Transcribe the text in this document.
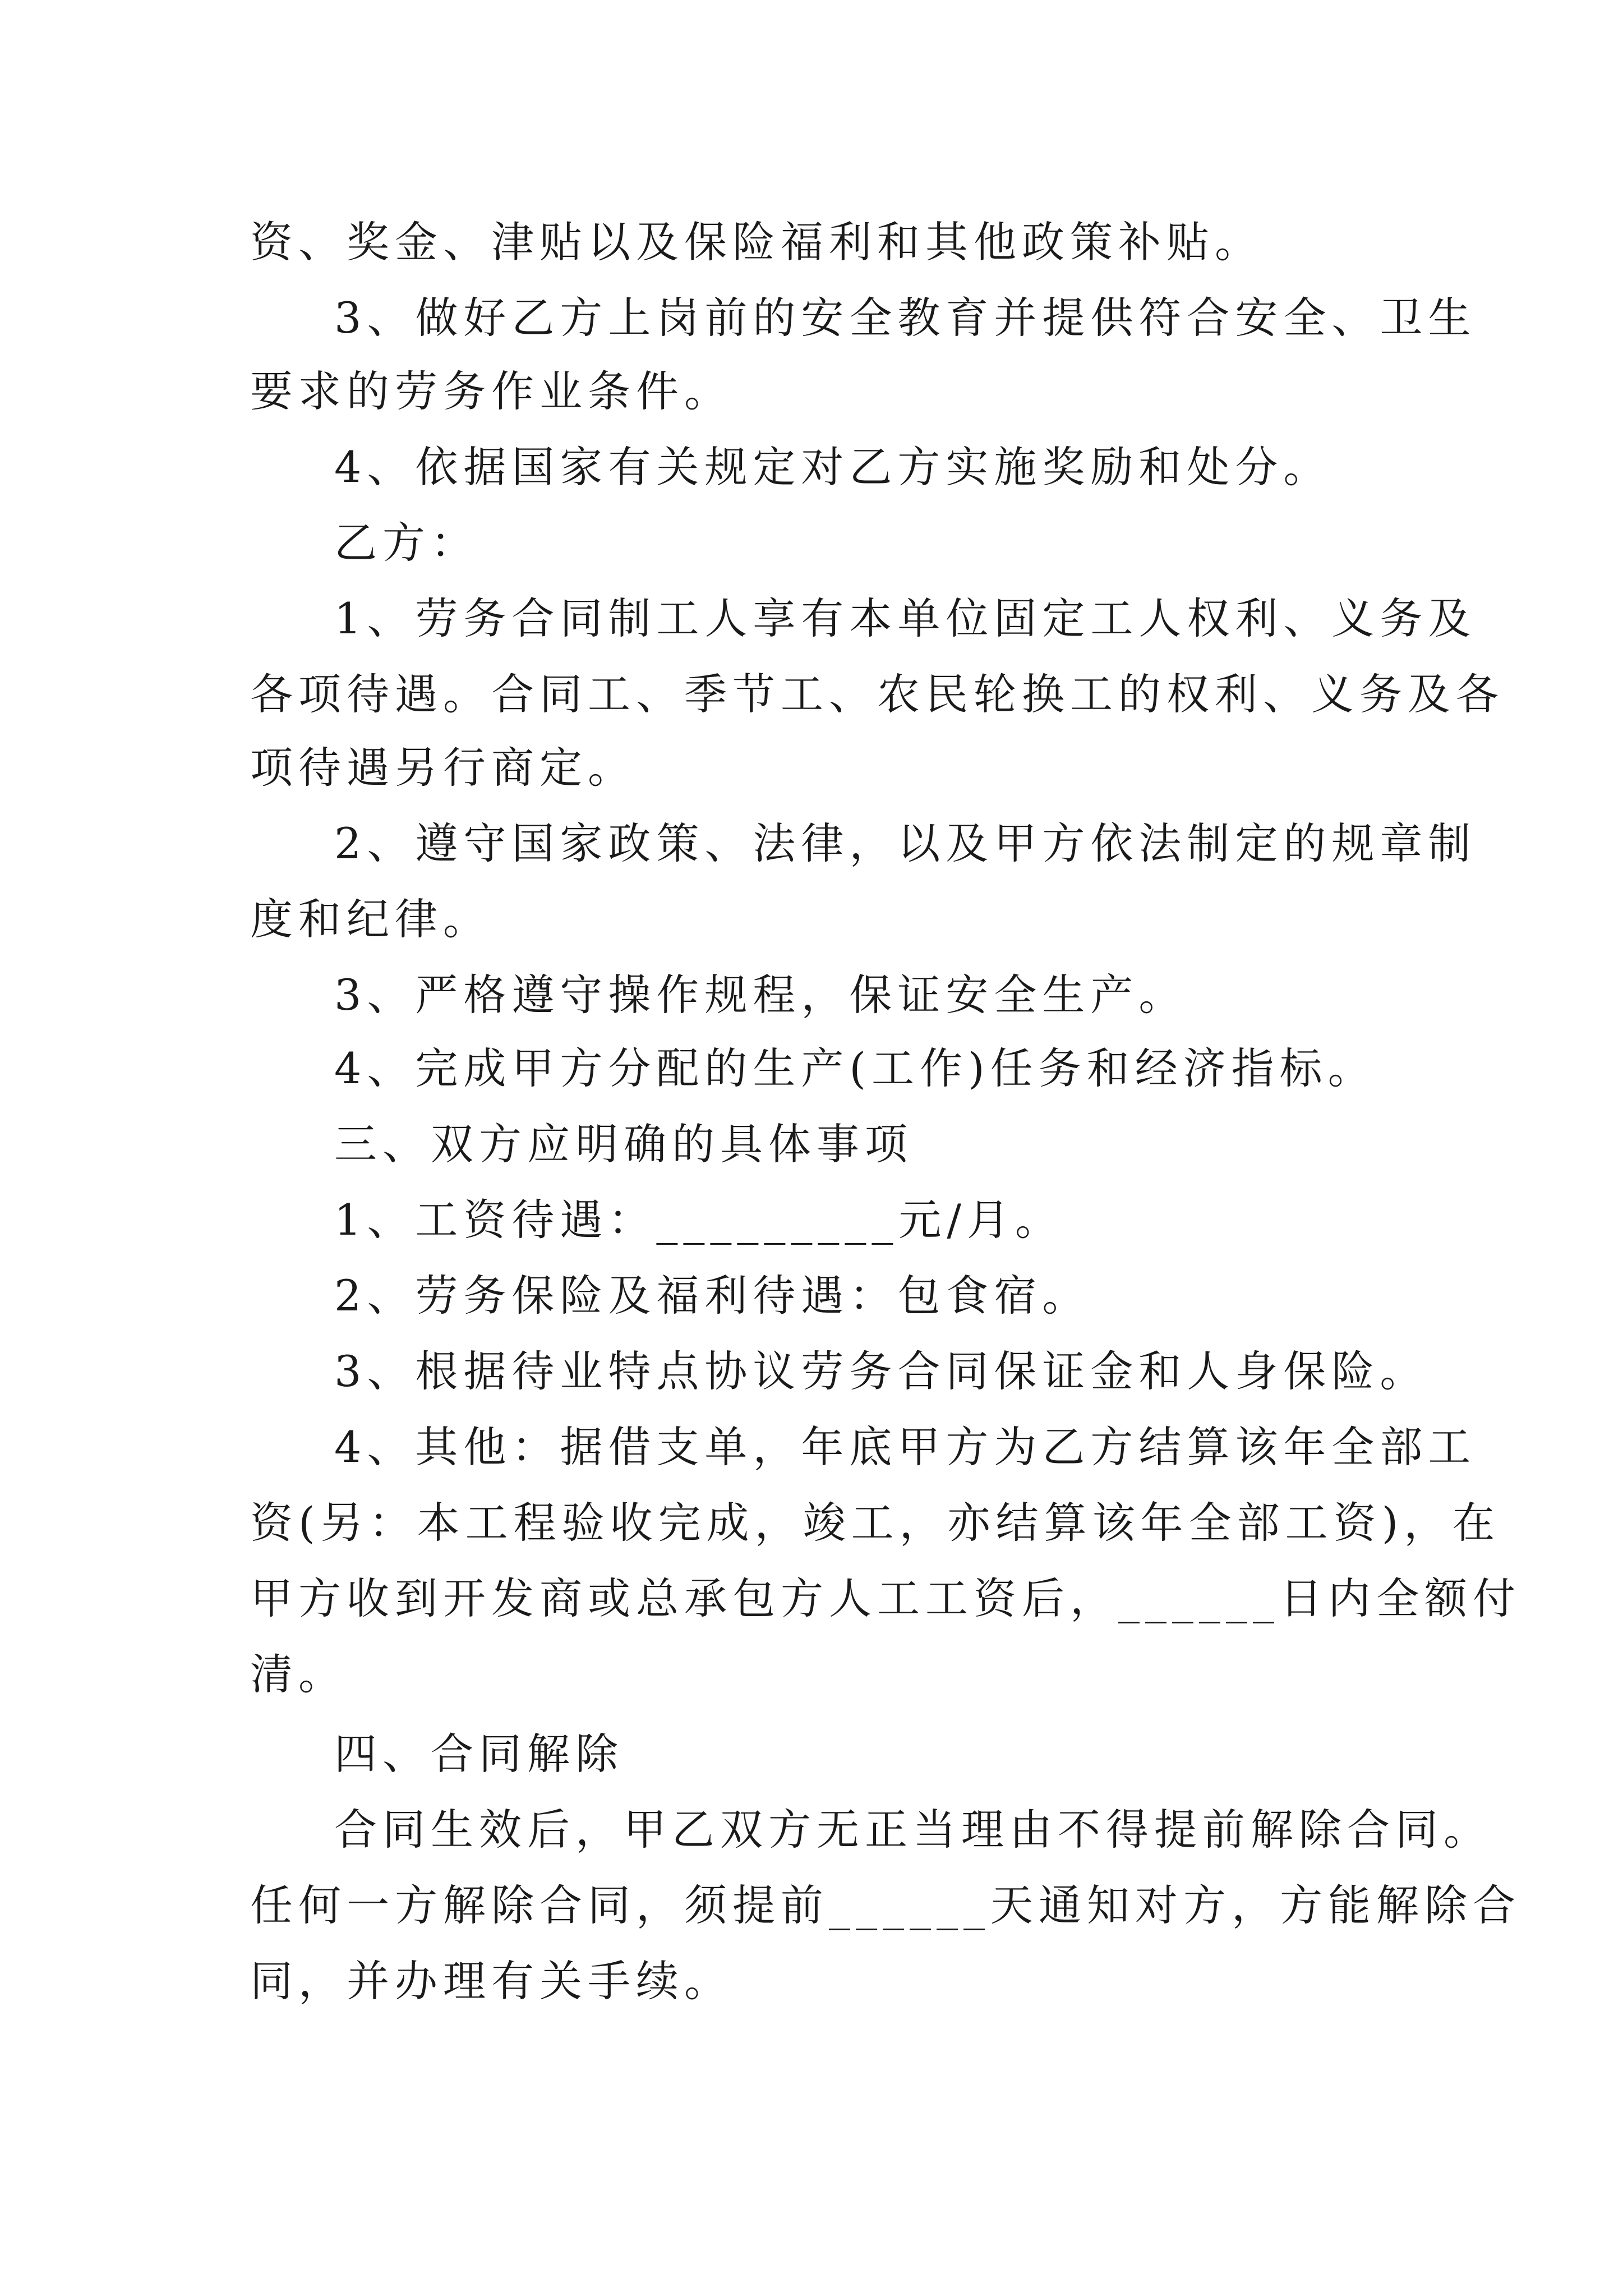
资、奖金、津贴以及保险福利和其他政策补贴。
3、做好乙方上岗前的安全教育并提供符合安全、卫生
要求的劳务作业条件。
4、依据国家有关规定对乙方实施奖励和处分。
乙方：
1、劳务合同制工人享有本单位固定工人权利、义务及
各项待遇。合同工、季节工、农民轮换工的权利、义务及各
项待遇另行商定。
2、遵守国家政策、法律，以及甲方依法制定的规章制
度和纪律。
3、严格遵守操作规程，保证安全生产。
4、完成甲方分配的生产(工作)任务和经济指标。
三、双方应明确的具体事项
1、工资待遇：_________元/月。
2、劳务保险及福利待遇：包食宿。
3、根据待业特点协议劳务合同保证金和人身保险。
4、其他：据借支单，年底甲方为乙方结算该年全部工
资(另：本工程验收完成，竣工，亦结算该年全部工资)，在
甲方收到开发商或总承包方人工工资后，______日内全额付
清。
四、合同解除
合同生效后，甲乙双方无正当理由不得提前解除合同。
任何一方解除合同，须提前______天通知对方，方能解除合
同，并办理有关手续。
